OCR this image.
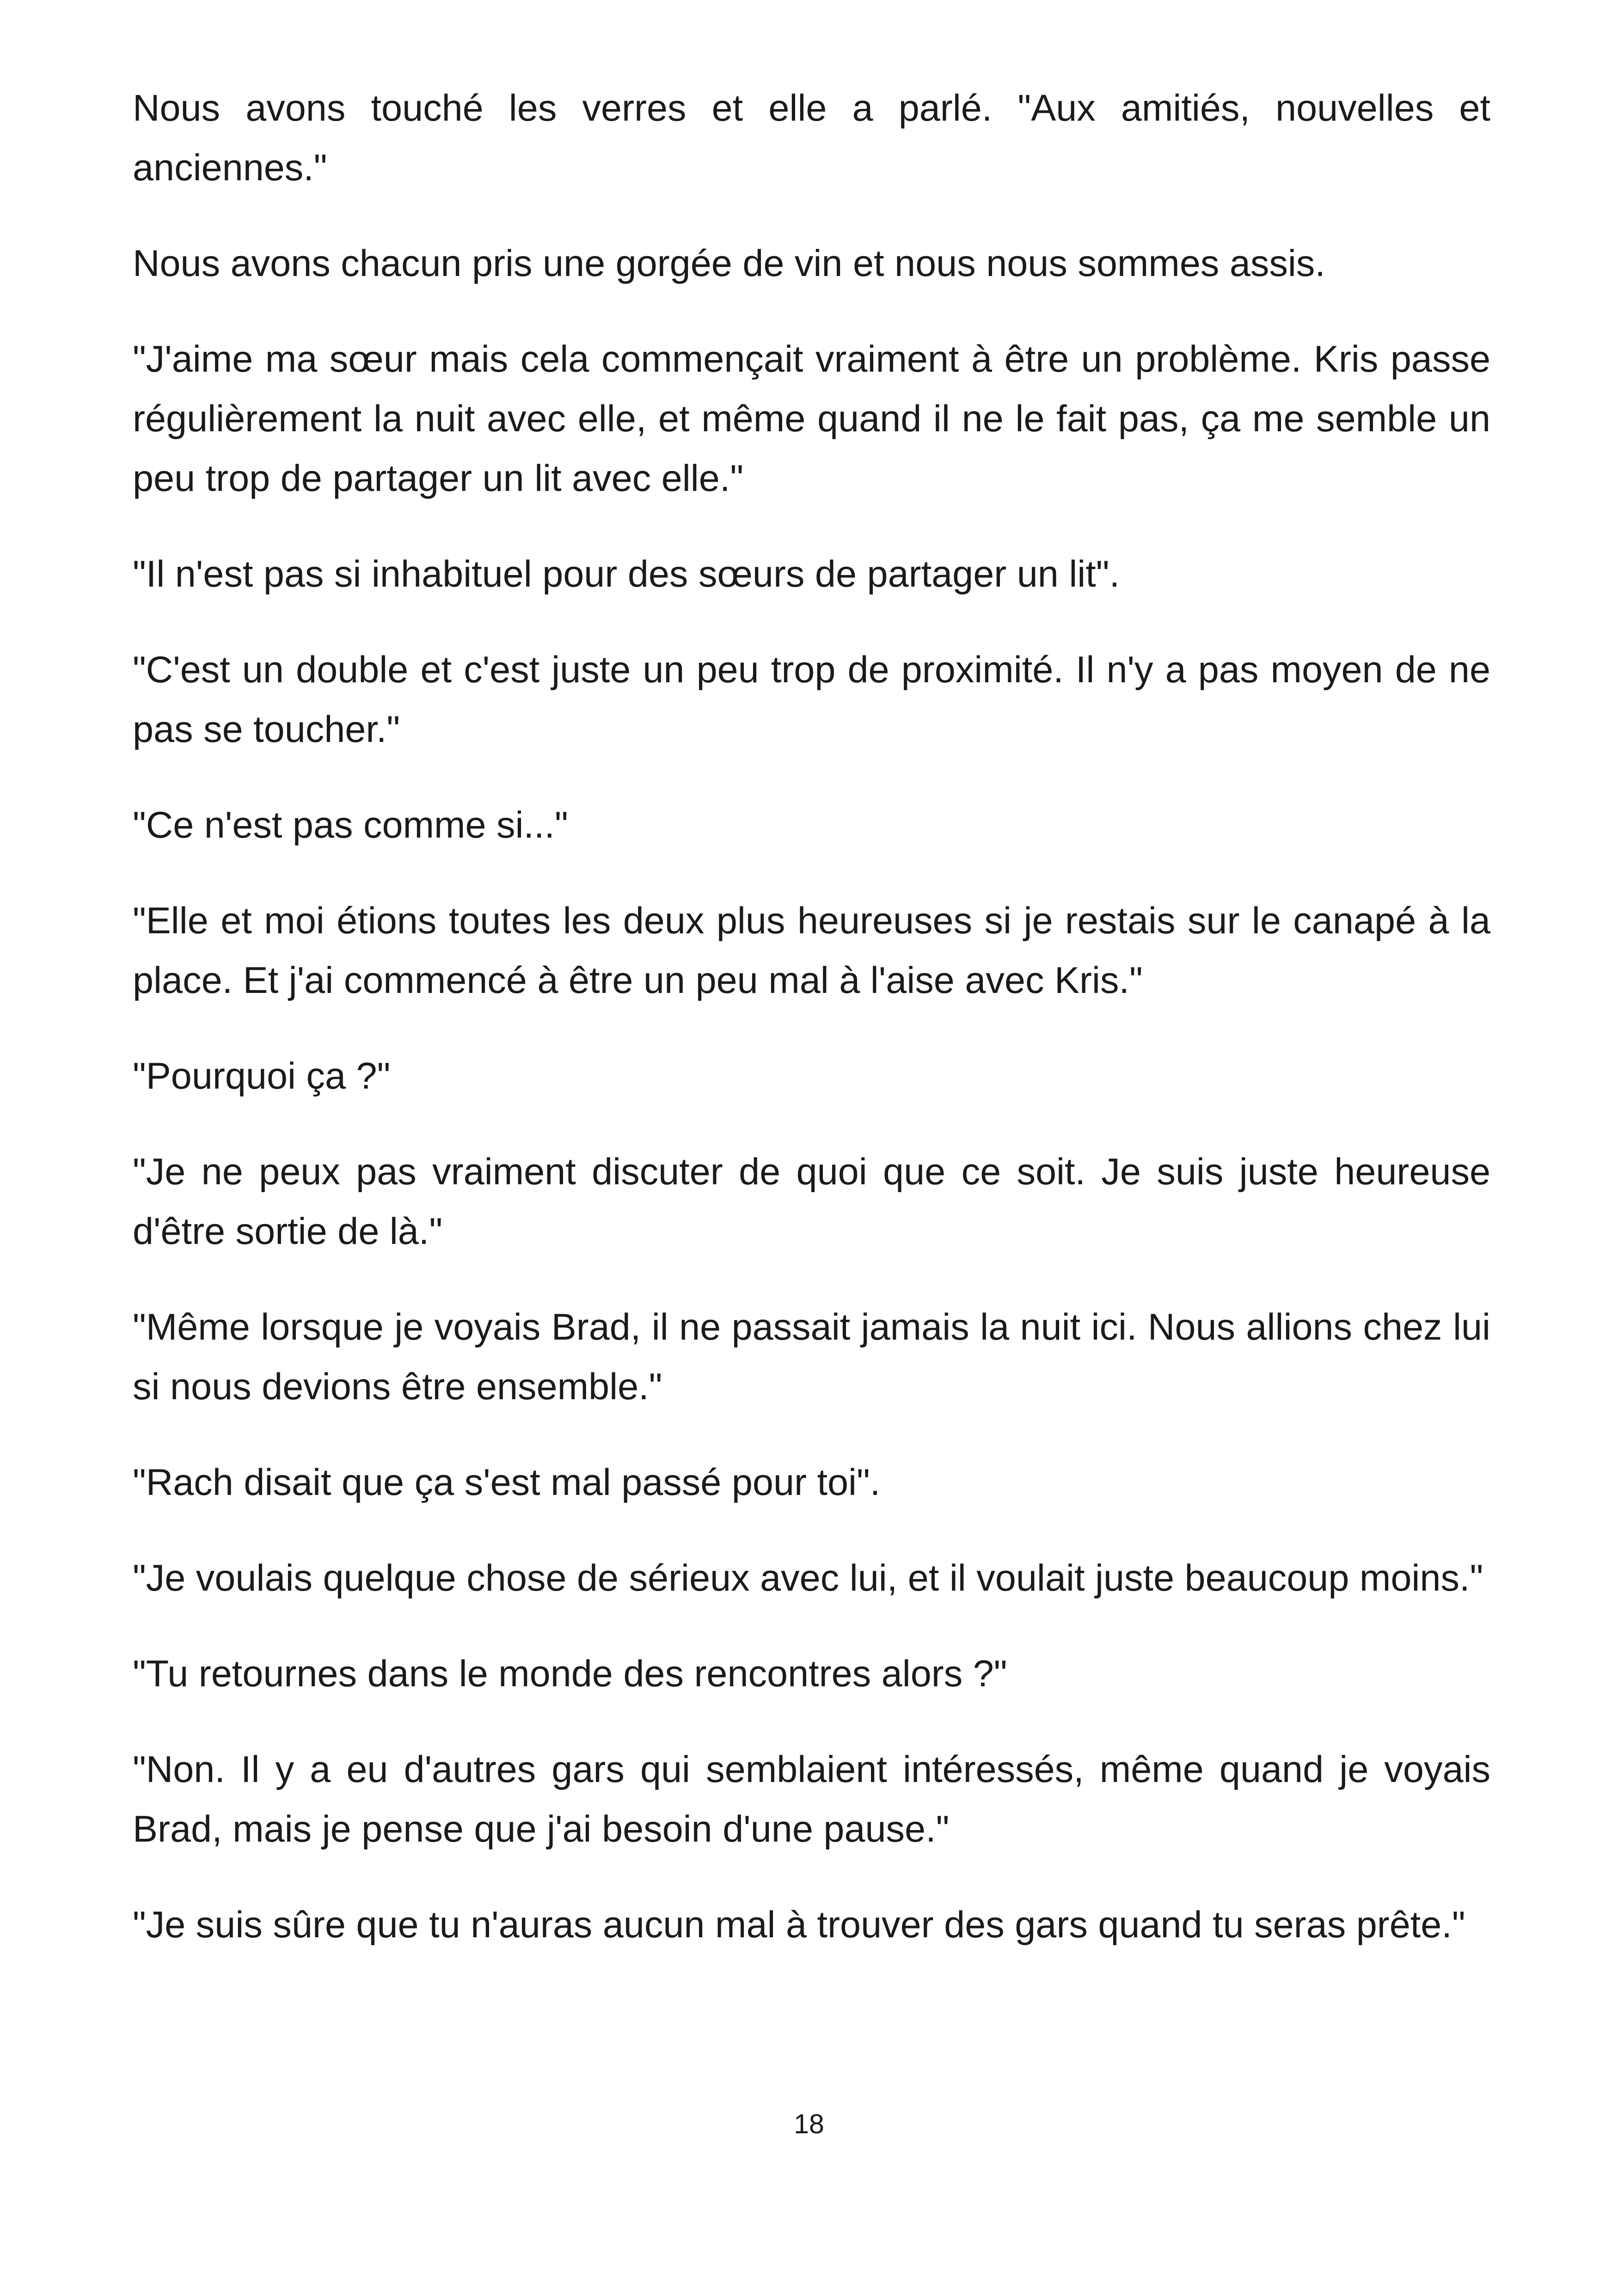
Nous avons touché les verres et elle a parlé. "Aux amitiés, nouvelles et anciennes."

Nous avons chacun pris une gorgée de vin et nous nous sommes assis.

"J'aime ma sœur mais cela commençait vraiment à être un problème. Kris passe régulièrement la nuit avec elle, et même quand il ne le fait pas, ça me semble un peu trop de partager un lit avec elle."

"Il n'est pas si inhabituel pour des sœurs de partager un lit".

"C'est un double et c'est juste un peu trop de proximité. Il n'y a pas moyen de ne pas se toucher."

"Ce n'est pas comme si..."

"Elle et moi étions toutes les deux plus heureuses si je restais sur le canapé à la place. Et j'ai commencé à être un peu mal à l'aise avec Kris."

"Pourquoi ça ?"

"Je ne peux pas vraiment discuter de quoi que ce soit. Je suis juste heureuse d'être sortie de là."

"Même lorsque je voyais Brad, il ne passait jamais la nuit ici. Nous allions chez lui si nous devions être ensemble."

"Rach disait que ça s'est mal passé pour toi".

"Je voulais quelque chose de sérieux avec lui, et il voulait juste beaucoup moins."

"Tu retournes dans le monde des rencontres alors ?"

"Non. Il y a eu d'autres gars qui semblaient intéressés, même quand je voyais Brad, mais je pense que j'ai besoin d'une pause."

"Je suis sûre que tu n'auras aucun mal à trouver des gars quand tu seras prête."

18
